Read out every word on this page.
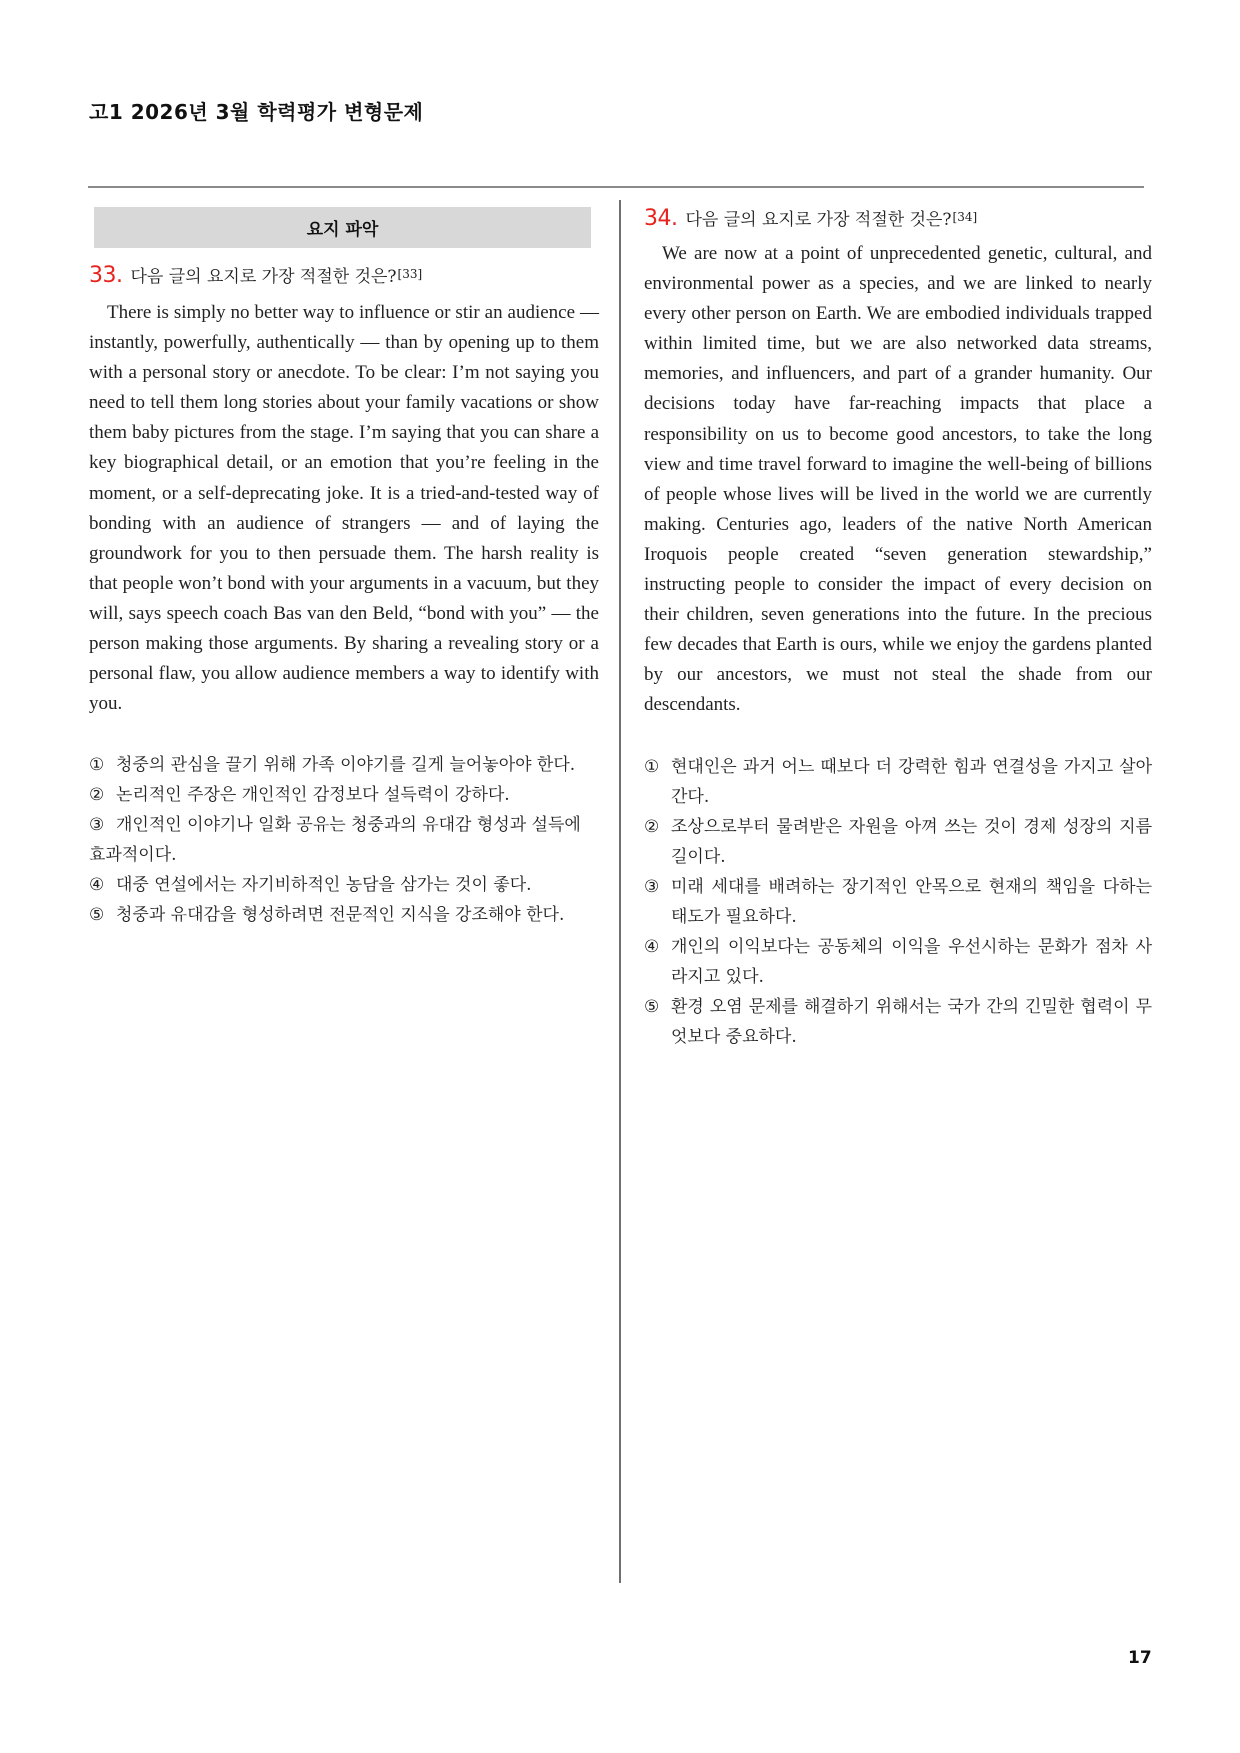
고1 2026년 3월 학력평가 변형문제
요지 파악
33. 다음 글의 요지로 가장 적절한 것은? [33]

There is simply no better way to influence or stir an audience — instantly, powerfully, authentically — than by opening up to them with a personal story or anecdote. To be clear: I’m not saying you need to tell them long stories about your family vacations or show them baby pictures from the stage. I’m saying that you can share a key biographical detail, or an emotion that you’re feeling in the moment, or a self-deprecating joke. It is a tried-and-tested way of bonding with an audience of strangers — and of laying the groundwork for you to then persuade them. The harsh reality is that people won’t bond with your arguments in a vacuum, but they will, says speech coach Bas van den Beld, “bond with you” — the person making those arguments. By sharing a revealing story or a personal flaw, you allow audience members a way to identify with you.

① 청중의 관심을 끌기 위해 가족 이야기를 길게 늘어놓아야 한다.
② 논리적인 주장은 개인적인 감정보다 설득력이 강하다.
③ 개인적인 이야기나 일화 공유는 청중과의 유대감 형성과 설득에 효과적이다.
④ 대중 연설에서는 자기비하적인 농담을 삼가는 것이 좋다.
⑤ 청중과 유대감을 형성하려면 전문적인 지식을 강조해야 한다.
34. 다음 글의 요지로 가장 적절한 것은? [34]

We are now at a point of unprecedented genetic, cultural, and environmental power as a species, and we are linked to nearly every other person on Earth. We are embodied individuals trapped within limited time, but we are also networked data streams, memories, and influencers, and part of a grander humanity. Our decisions today have far-reaching impacts that place a responsibility on us to become good ancestors, to take the long view and time travel forward to imagine the well-being of billions of people whose lives will be lived in the world we are currently making. Centuries ago, leaders of the native North American Iroquois people created “seven generation stewardship,” instructing people to consider the impact of every decision on their children, seven generations into the future. In the precious few decades that Earth is ours, while we enjoy the gardens planted by our ancestors, we must not steal the shade from our descendants.

① 현대인은 과거 어느 때보다 더 강력한 힘과 연결성을 가지고 살아간다.
② 조상으로부터 물려받은 자원을 아껴 쓰는 것이 경제 성장의 지름길이다.
③ 미래 세대를 배려하는 장기적인 안목으로 현재의 책임을 다하는 태도가 필요하다.
④ 개인의 이익보다는 공동체의 이익을 우선시하는 문화가 점차 사라지고 있다.
⑤ 환경 오염 문제를 해결하기 위해서는 국가 간의 긴밀한 협력이 무엇보다 중요하다.
17
